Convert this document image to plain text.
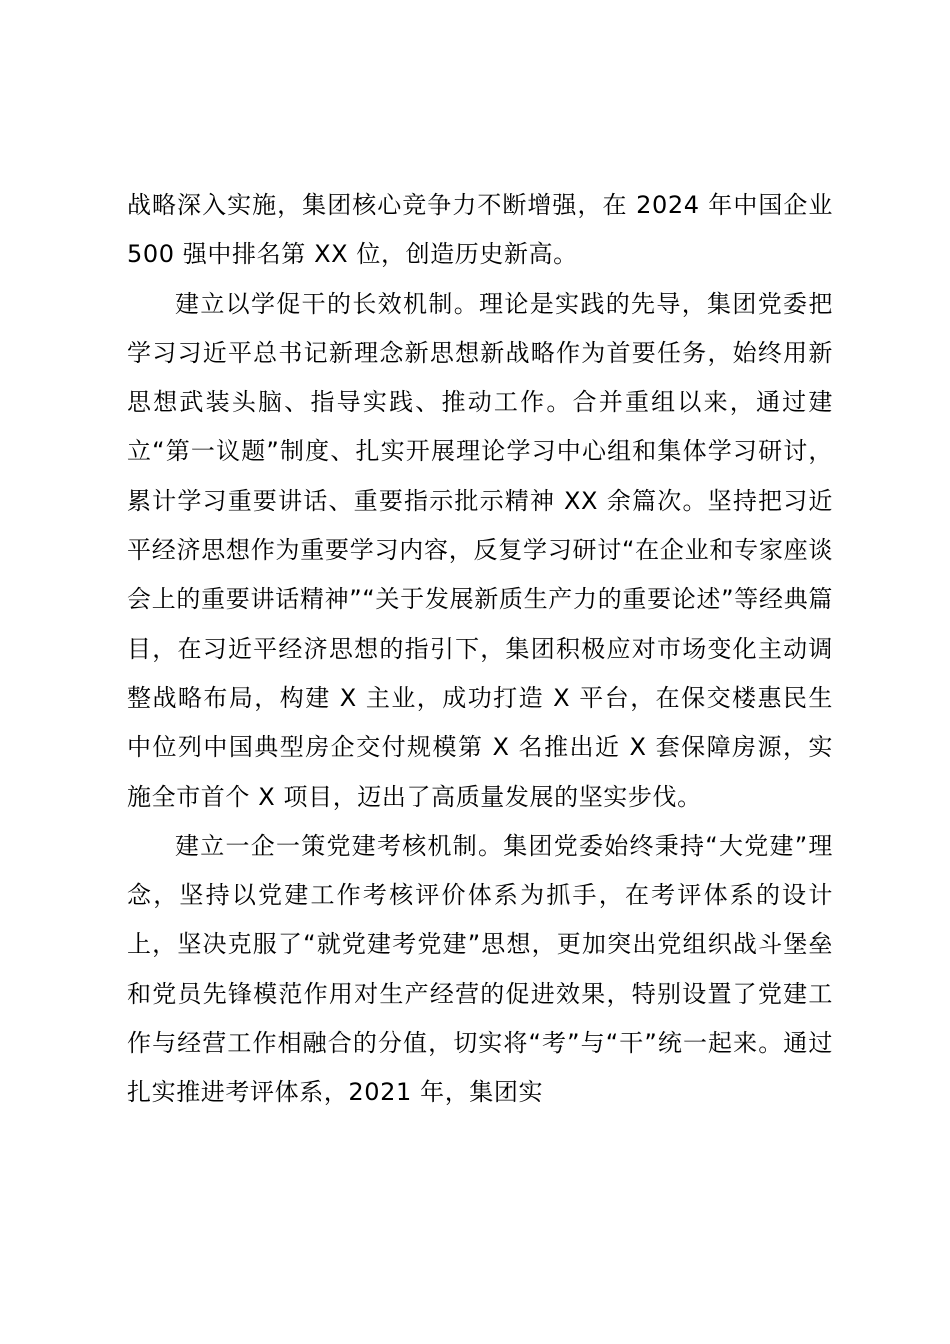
战略深入实施，集团核心竞争力不断增强，在 2024 年中国企业 500 强中排名第 XX 位，创造历史新高。

建立以学促干的长效机制。理论是实践的先导，集团党委把学习习近平总书记新理念新思想新战略作为首要任务，始终用新思想武装头脑、指导实践、推动工作。合并重组以来，通过建立“第一议题”制度、扎实开展理论学习中心组和集体学习研讨，累计学习重要讲话、重要指示批示精神 XX 余篇次。坚持把习近平经济思想作为重要学习内容，反复学习研讨“在企业和专家座谈会上的重要讲话精神”“关于发展新质生产力的重要论述”等经典篇目，在习近平经济思想的指引下，集团积极应对市场变化主动调整战略布局，构建 X 主业，成功打造 X 平台，在保交楼惠民生中位列中国典型房企交付规模第 X 名推出近 X 套保障房源，实施全市首个 X 项目，迈出了高质量发展的坚实步伐。

建立一企一策党建考核机制。集团党委始终秉持“大党建”理念，坚持以党建工作考核评价体系为抓手，在考评体系的设计上，坚决克服了“就党建考党建”思想，更加突出党组织战斗堡垒和党员先锋模范作用对生产经营的促进效果，特别设置了党建工作与经营工作相融合的分值，切实将“考”与“干”统一起来。通过扎实推进考评体系，2021 年，集团实
